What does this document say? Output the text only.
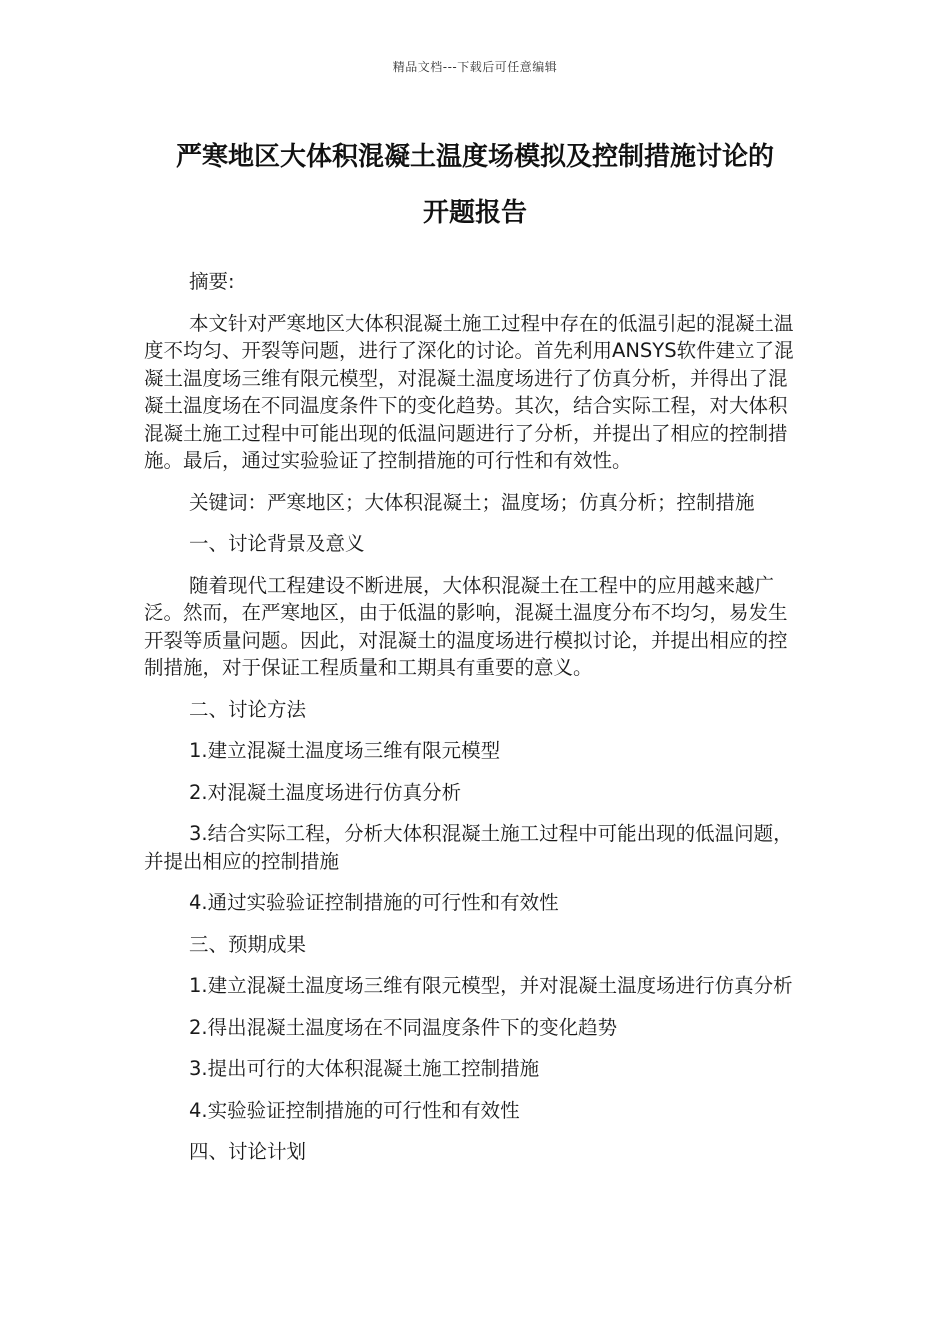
精品文档---下载后可任意编辑
严寒地区大体积混凝土温度场模拟及控制措施讨论的
开题报告

摘要:

本文针对严寒地区大体积混凝土施工过程中存在的低温引起的混凝土温度不均匀、开裂等问题，进行了深化的讨论。首先利用ANSYS软件建立了混凝土温度场三维有限元模型，对混凝土温度场进行了仿真分析，并得出了混凝土温度场在不同温度条件下的变化趋势。其次，结合实际工程，对大体积混凝土施工过程中可能出现的低温问题进行了分析，并提出了相应的控制措施。最后，通过实验验证了控制措施的可行性和有效性。

关键词：严寒地区；大体积混凝土；温度场；仿真分析；控制措施

一、讨论背景及意义

随着现代工程建设不断进展，大体积混凝土在工程中的应用越来越广泛。然而，在严寒地区，由于低温的影响，混凝土温度分布不均匀，易发生开裂等质量问题。因此，对混凝土的温度场进行模拟讨论，并提出相应的控制措施，对于保证工程质量和工期具有重要的意义。

二、讨论方法

1.建立混凝土温度场三维有限元模型

2.对混凝土温度场进行仿真分析

3.结合实际工程，分析大体积混凝土施工过程中可能出现的低温问题，并提出相应的控制措施

4.通过实验验证控制措施的可行性和有效性

三、预期成果

1.建立混凝土温度场三维有限元模型，并对混凝土温度场进行仿真分析

2.得出混凝土温度场在不同温度条件下的变化趋势

3.提出可行的大体积混凝土施工控制措施

4.实验验证控制措施的可行性和有效性

四、讨论计划
